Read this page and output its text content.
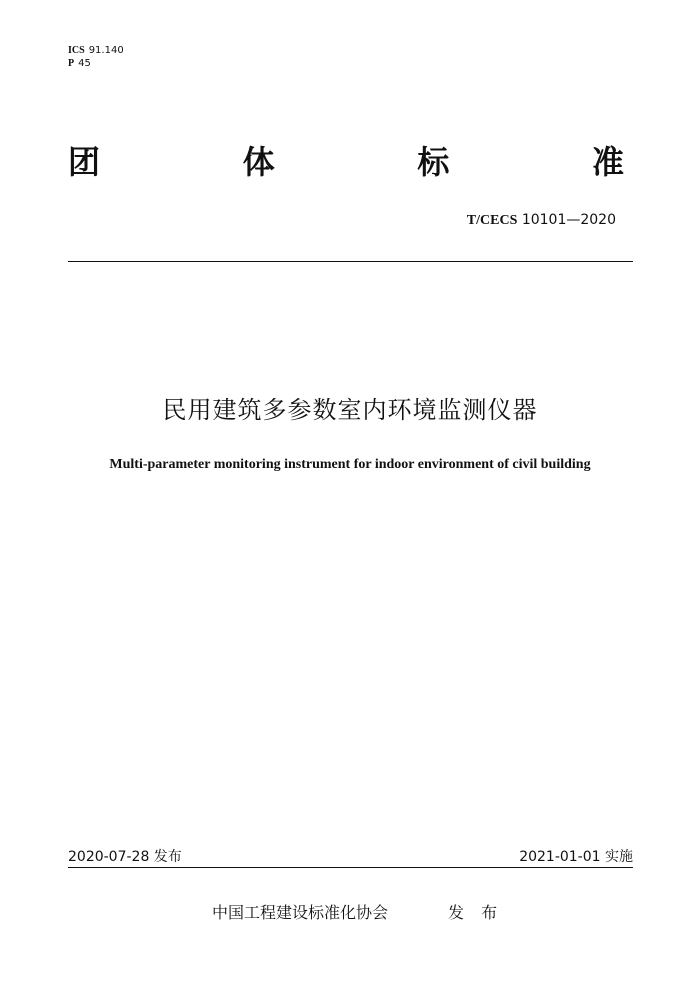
ICS 91.140
P 45
团	体	标	准
T/CECS 10101—2020
民用建筑多参数室内环境监测仪器
Multi-parameter monitoring instrument for indoor environment of civil building
2020-07-28 发布	2021-01-01 实施
中国工程建设标准化协会	发 布
